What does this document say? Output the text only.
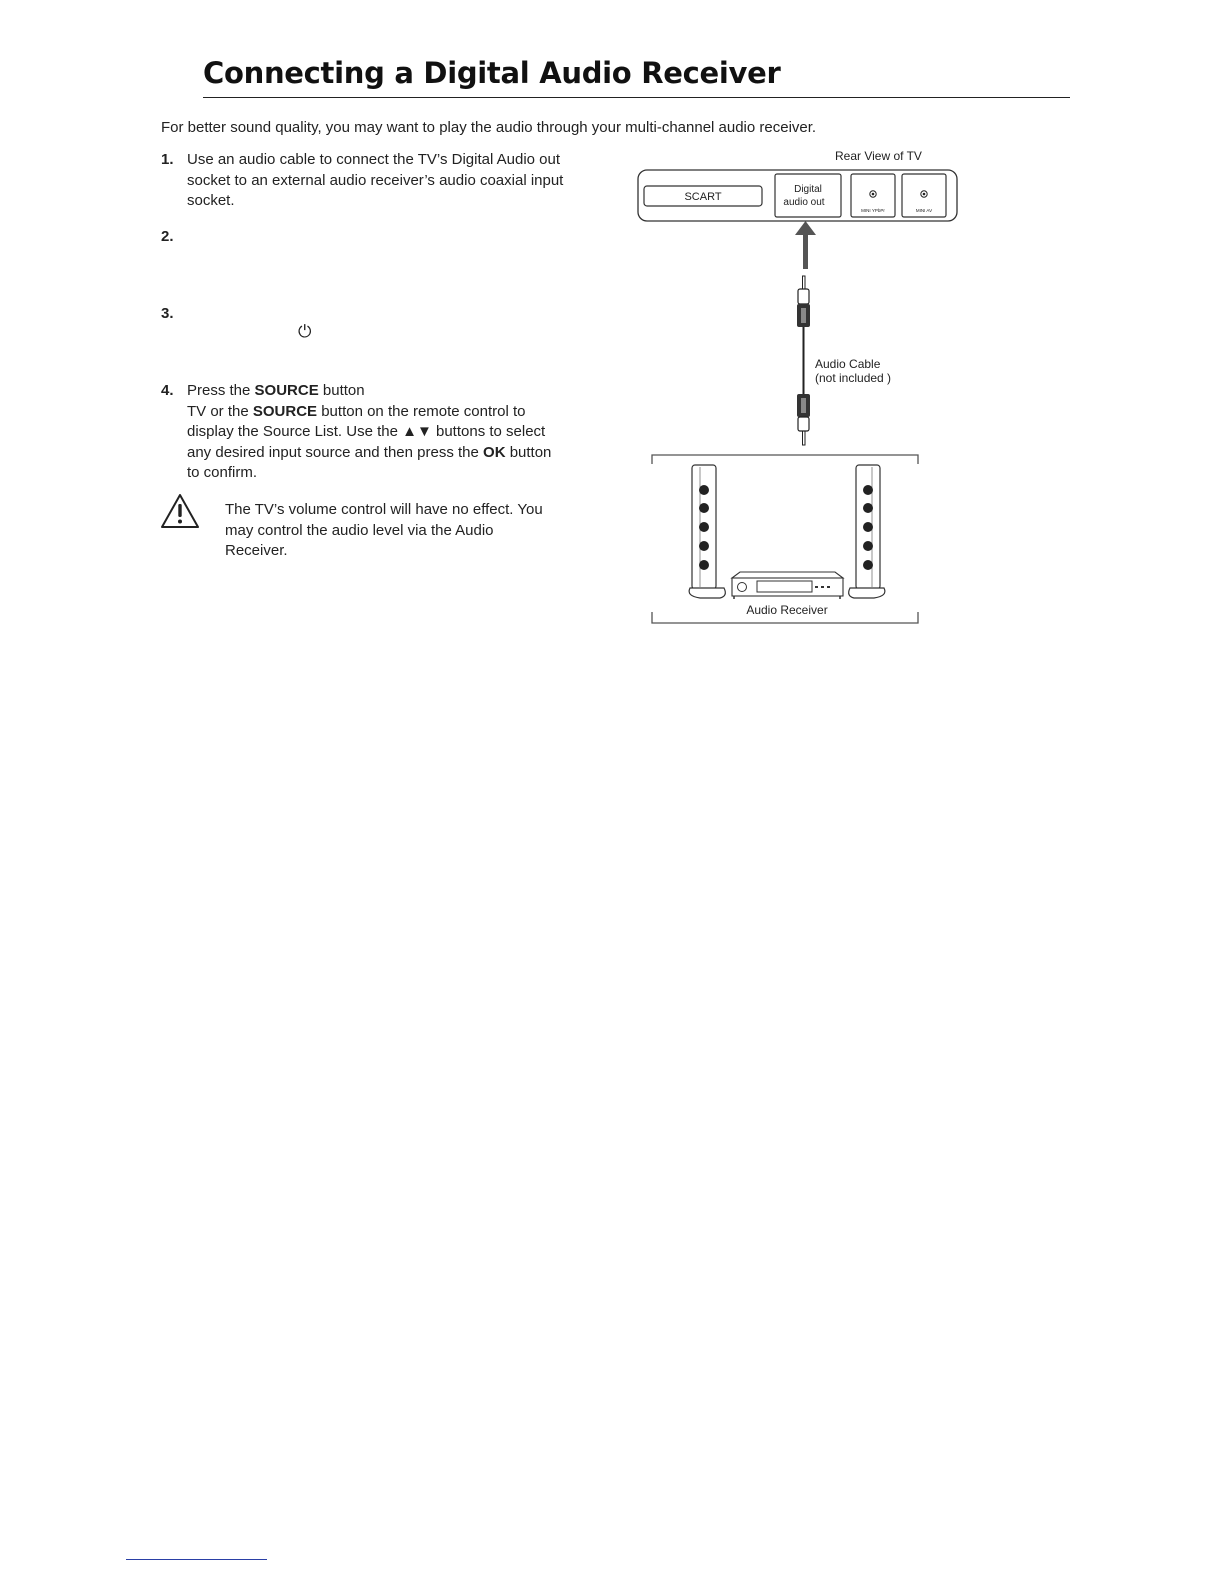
Connecting a Digital Audio Receiver
For better sound quality, you may want to play the audio through your multi-channel audio receiver.
1. Use an audio cable to connect the TV’s Digital Audio out socket to an external audio receiver’s audio coaxial input socket.
2.
3.
⏻
4. Press the SOURCE button
TV or the SOURCE button on the remote control to display the Source List. Use the ▲▼ buttons to select any desired input source and then press the OK button to confirm.
The TV’s volume control will have no effect. You may control the audio level via the Audio Receiver.
Rear View of TV
SCART
Digital
audio out
MINI YPbPr	MINI AV
Audio Cable
(not included )
Audio Receiver
